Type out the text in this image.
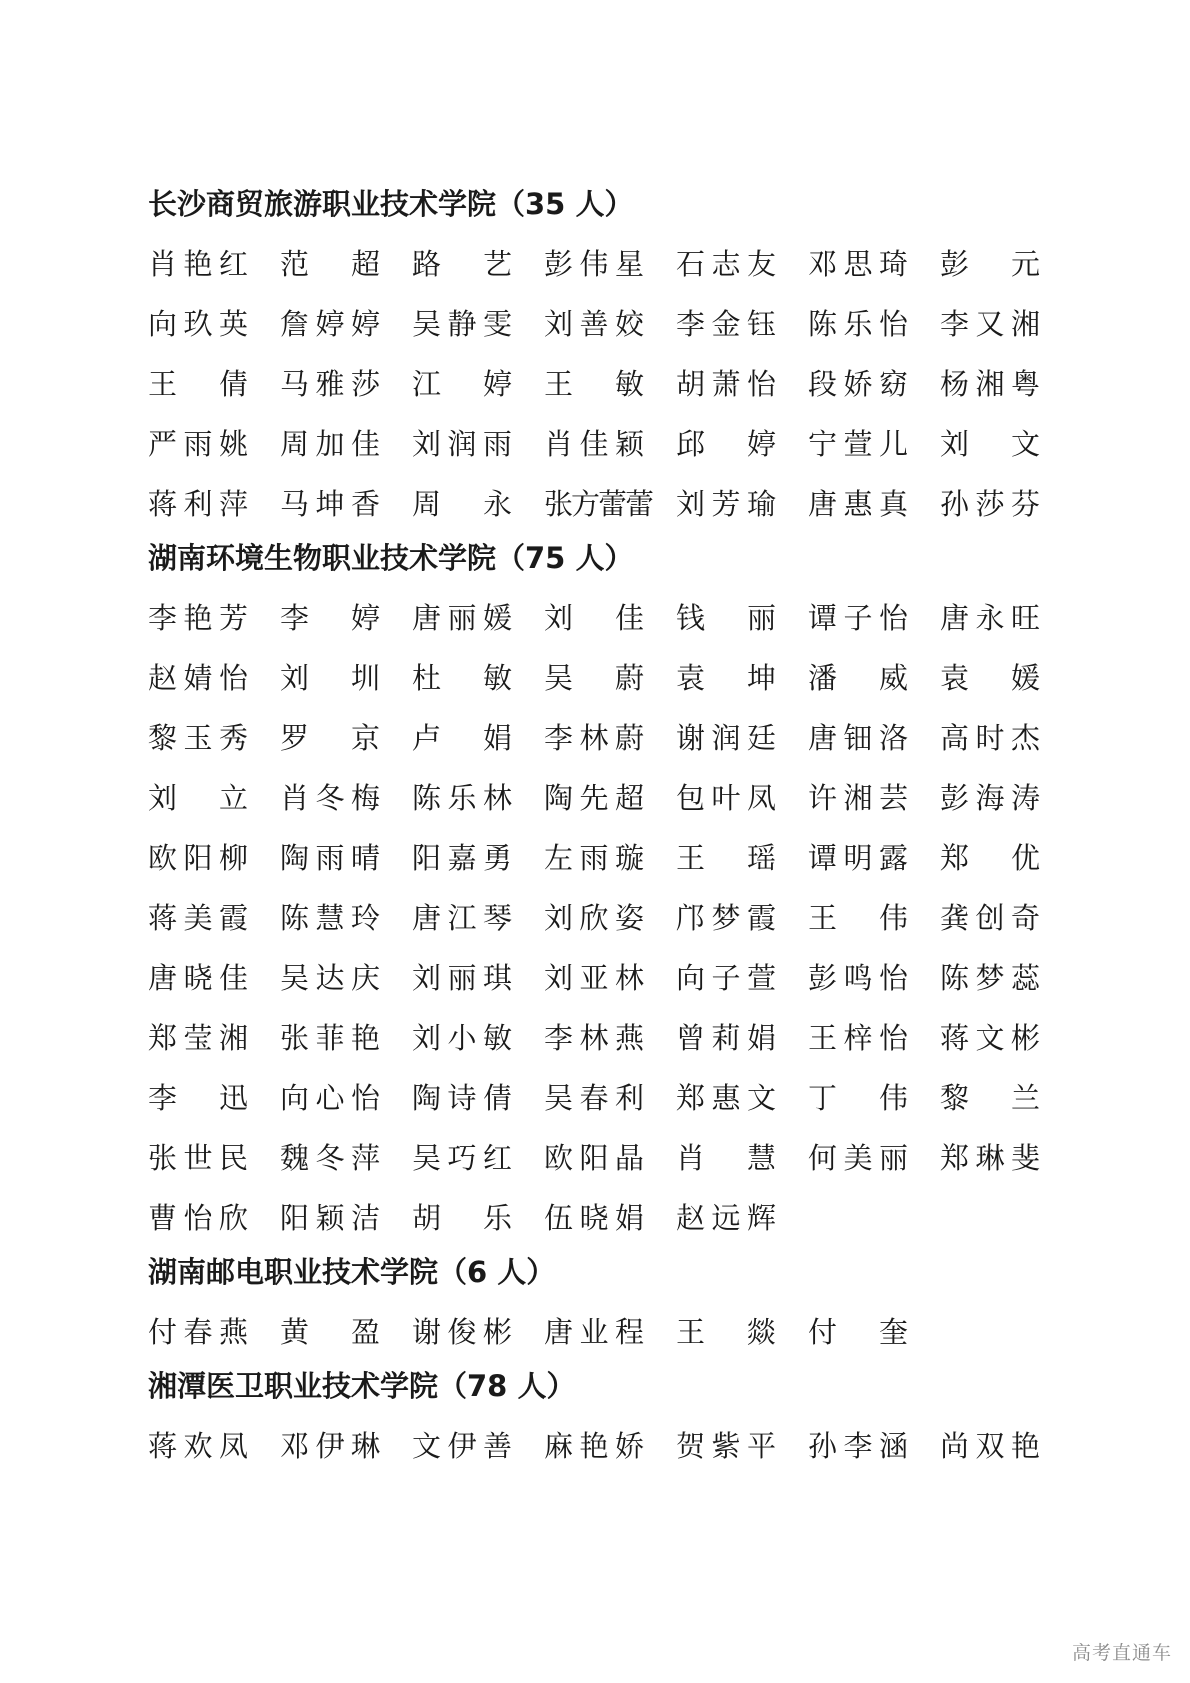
长沙商贸旅游职业技术学院（35 人）
肖 艳 红 范 超 路 艺 彭 伟 星 石 志 友 邓 思 琦 彭 元
向 玖 英 詹 婷 婷 吴 静 雯 刘 善 姣 李 金 钰 陈 乐 怡 李 又 湘
王 倩 马 雅 莎 江 婷 王 敏 胡 萧 怡 段 娇 窈 杨 湘 粤
严 雨 姚 周 加 佳 刘 润 雨 肖 佳 颖 邱 婷 宁 萱 儿 刘 文
蒋 利 萍 马 坤 香 周 永 张 方 蕾 蕾 刘 芳 瑜 唐 惠 真 孙 莎 芬
湖南环境生物职业技术学院（75 人）
李 艳 芳 李 婷 唐 丽 媛 刘 佳 钱 丽 谭 子 怡 唐 永 旺
赵 婧 怡 刘 圳 杜 敏 吴 蔚 袁 坤 潘 威 袁 媛
黎 玉 秀 罗 京 卢 娟 李 林 蔚 谢 润 廷 唐 钿 洛 高 时 杰
刘 立 肖 冬 梅 陈 乐 林 陶 先 超 包 叶 凤 许 湘 芸 彭 海 涛
欧 阳 柳 陶 雨 晴 阳 嘉 勇 左 雨 璇 王 瑶 谭 明 露 郑 优
蒋 美 霞 陈 慧 玲 唐 江 琴 刘 欣 姿 邝 梦 霞 王 伟 龚 创 奇
唐 晓 佳 吴 达 庆 刘 丽 琪 刘 亚 林 向 子 萱 彭 鸣 怡 陈 梦 蕊
郑 莹 湘 张 菲 艳 刘 小 敏 李 林 燕 曾 莉 娟 王 梓 怡 蒋 文 彬
李 迅 向 心 怡 陶 诗 倩 吴 春 利 郑 惠 文 丁 伟 黎 兰
张 世 民 魏 冬 萍 吴 巧 红 欧 阳 晶 肖 慧 何 美 丽 郑 琳 斐
曹 怡 欣 阳 颖 洁 胡 乐 伍 晓 娟 赵 远 辉
湖南邮电职业技术学院（6 人）
付 春 燕 黄 盈 谢 俊 彬 唐 业 程 王 燚 付 奎
湘潭医卫职业技术学院（78 人）
蒋 欢 凤 邓 伊 琳 文 伊 善 麻 艳 娇 贺 紫 平 孙 李 涵 尚 双 艳
高考直通车
